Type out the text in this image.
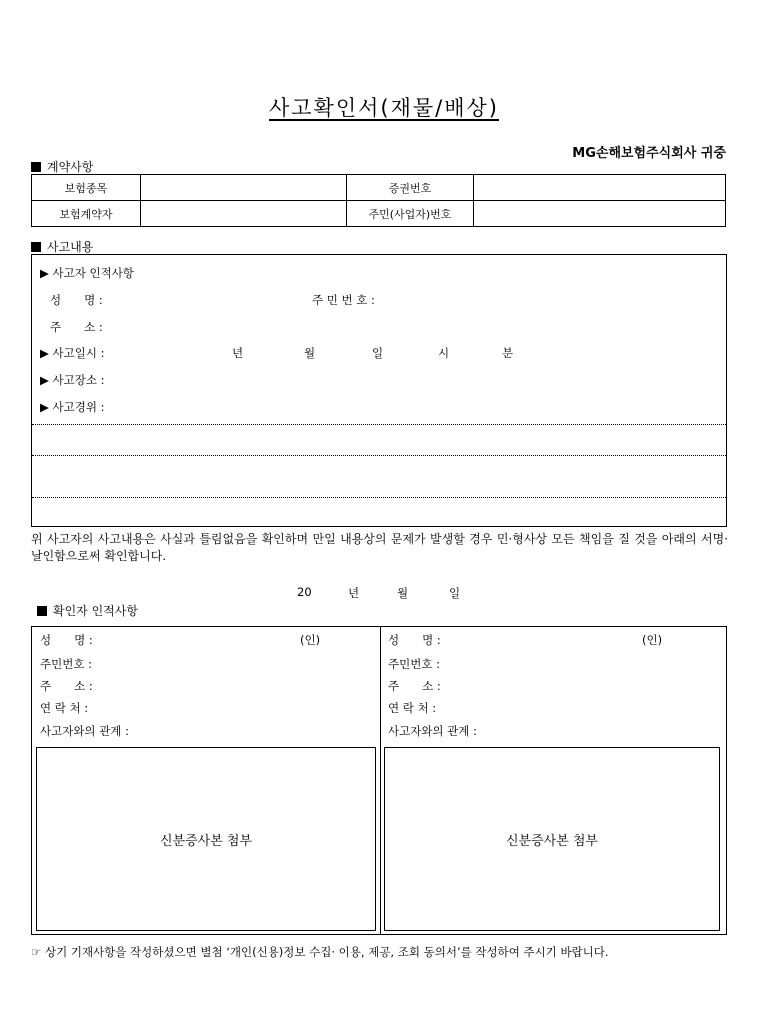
사고확인서(재물/배상)
MG손해보험주식회사 귀중
계약사항
보험종목		증권번호	
보험계약자		주민(사업자)번호	
사고내용
▶ 사고자 인적사항
성　　명 :	주 민 번 호 :
주　　소 :
▶ 사고일시 :	년	월	일	시	분
▶ 사고장소 :
▶ 사고경위 :
위 사고자의 사고내용은 사실과 틀림없음을 확인하며 만일 내용상의 문제가 발생할 경우 민·형사상 모든 책임을 질 것을 아래의 서명·날인함으로써 확인합니다.
20	년	월	일
확인자 인적사항
성　　명 :	(인)
주민번호 :
주　　소 :
연 락 처 :
사고자와의 관계 :
신분증사본 첨부
성　　명 :	(인)
주민번호 :
주　　소 :
연 락 처 :
사고자와의 관계 :
신분증사본 첨부
☞ 상기 기재사항을 작성하셨으면 별첨 ‘개인(신용)정보 수집· 이용, 제공, 조회 동의서’를 작성하여 주시기 바랍니다.
